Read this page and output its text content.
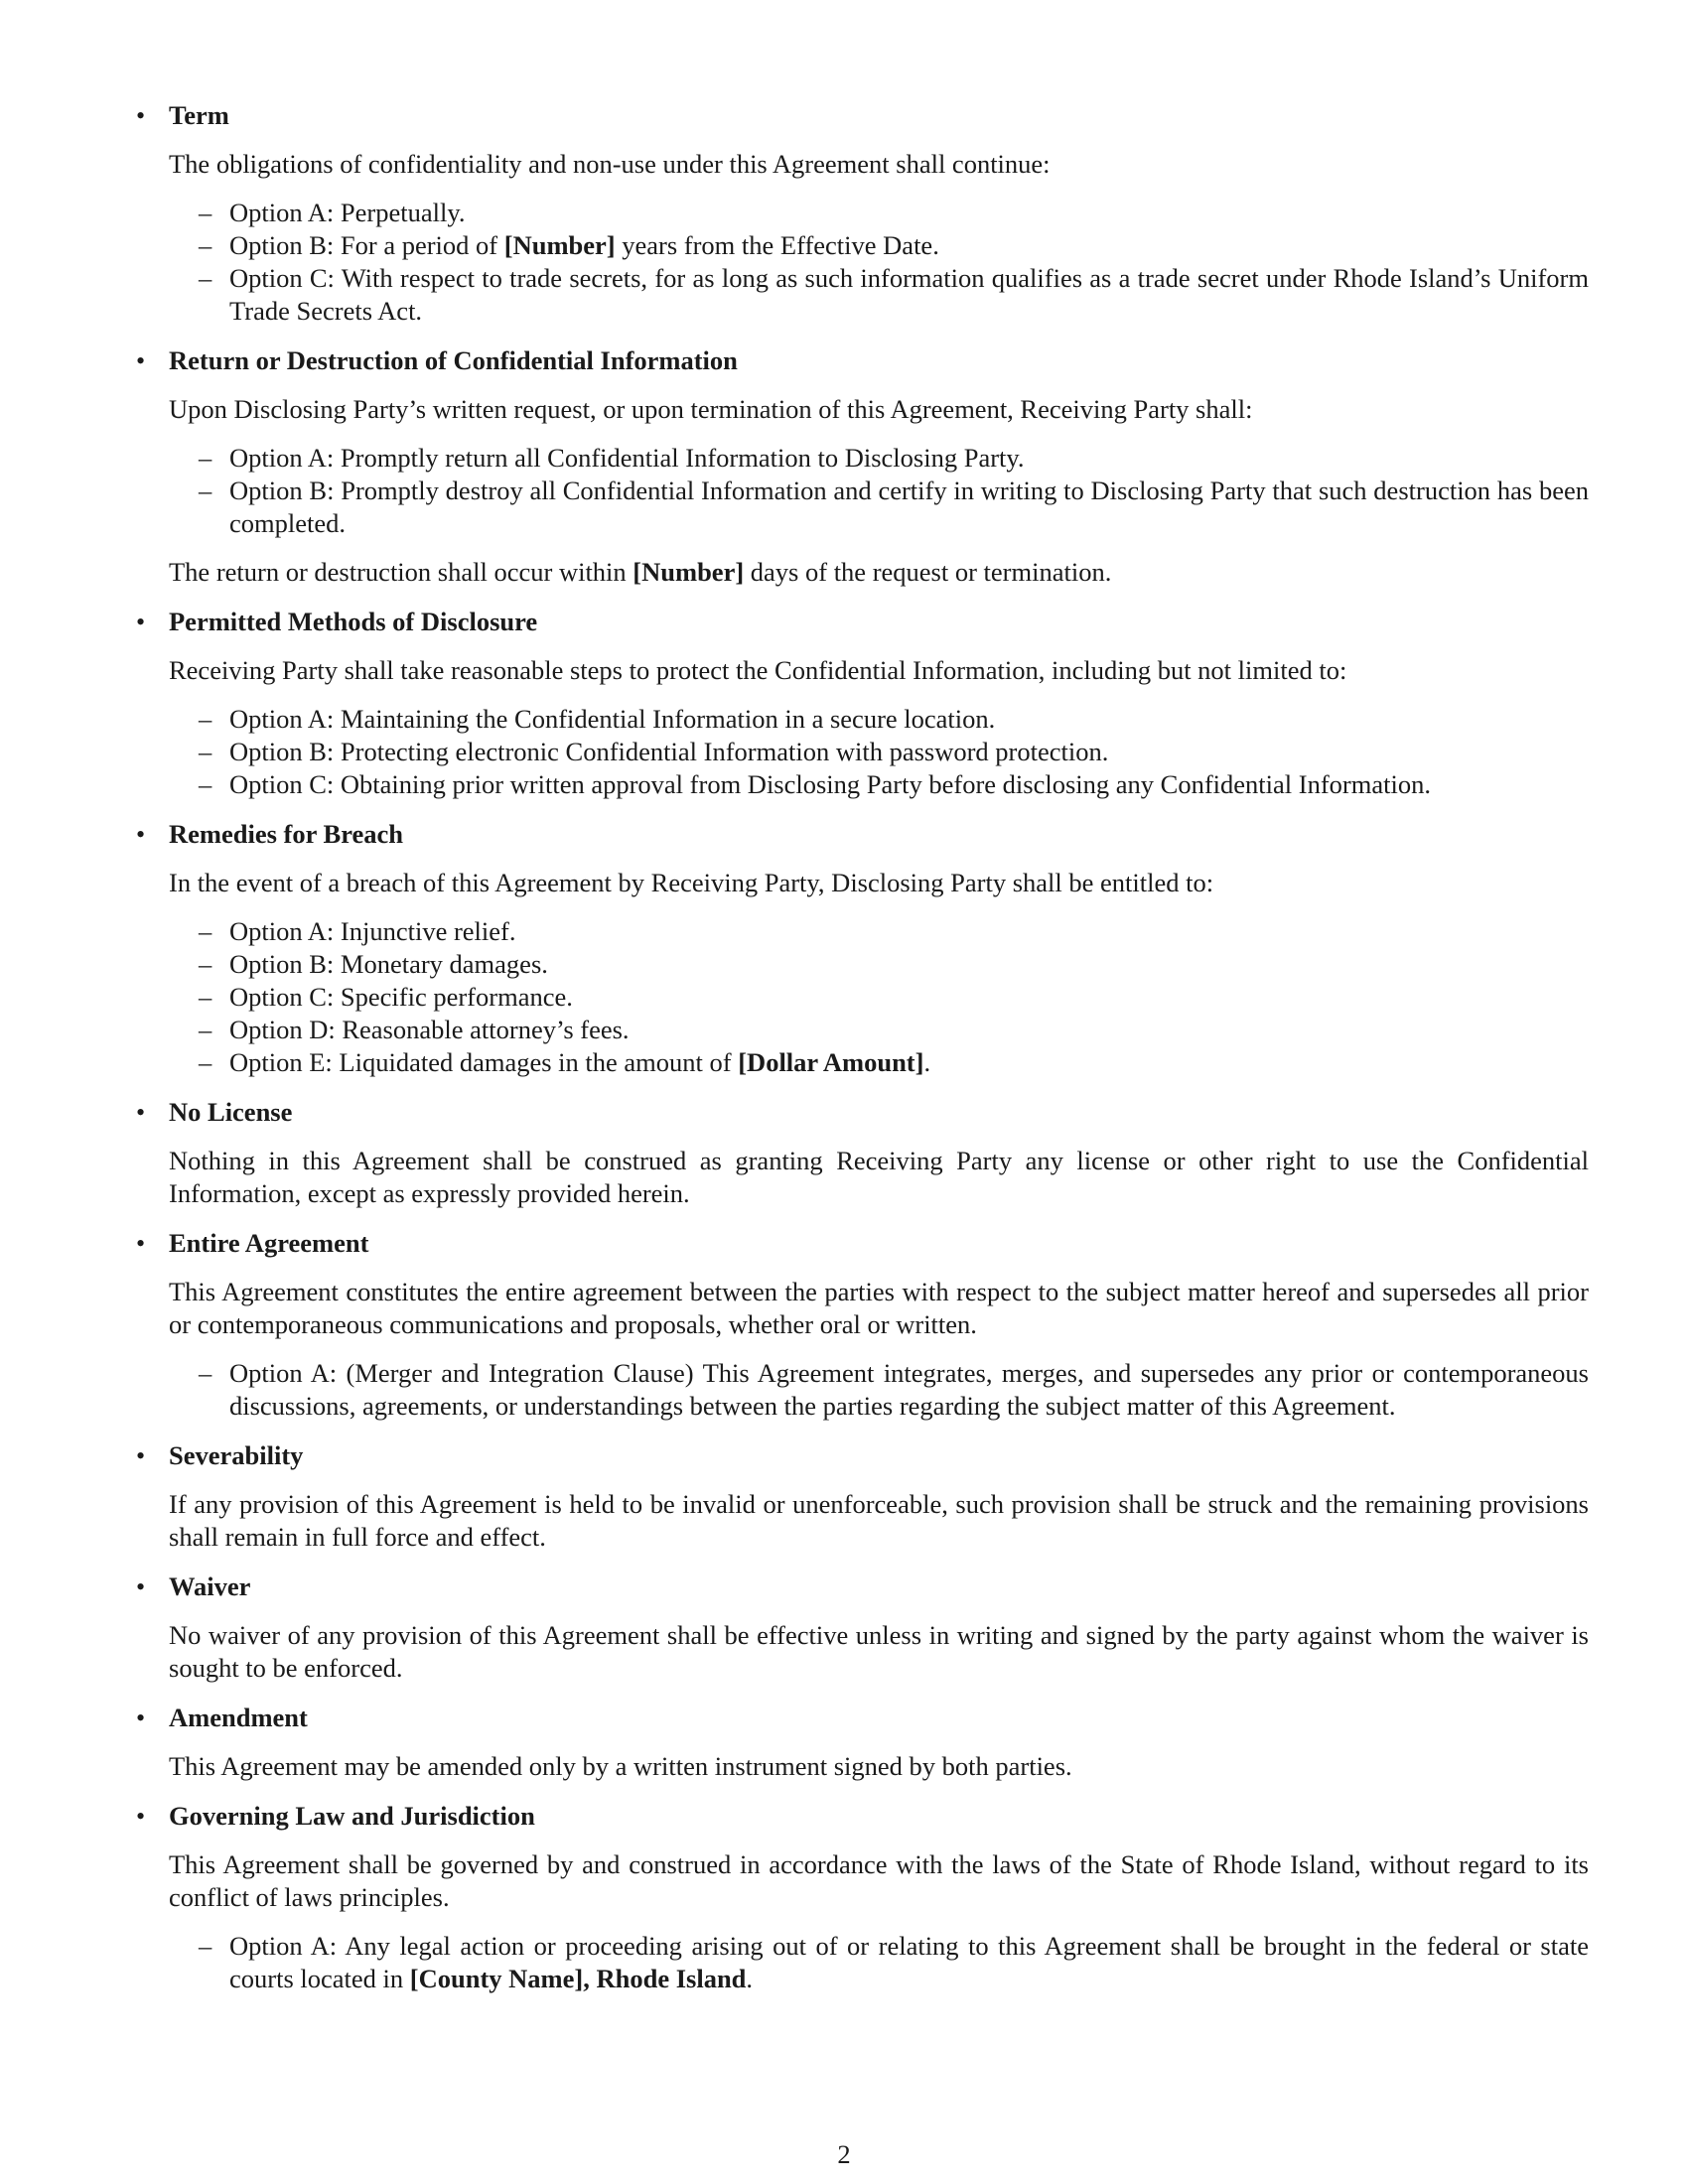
• Term

The obligations of confidentiality and non-use under this Agreement shall continue:

– Option A: Perpetually.
– Option B: For a period of [Number] years from the Effective Date.
– Option C: With respect to trade secrets, for as long as such information qualifies as a trade secret under Rhode Island’s Uniform Trade Secrets Act.
• Return or Destruction of Confidential Information

Upon Disclosing Party’s written request, or upon termination of this Agreement, Receiving Party shall:

– Option A: Promptly return all Confidential Information to Disclosing Party.
– Option B: Promptly destroy all Confidential Information and certify in writing to Disclosing Party that such destruction has been completed.

The return or destruction shall occur within [Number] days of the request or termination.

• Permitted Methods of Disclosure

Receiving Party shall take reasonable steps to protect the Confidential Information, including but not limited to:

– Option A: Maintaining the Confidential Information in a secure location.
– Option B: Protecting electronic Confidential Information with password protection.
– Option C: Obtaining prior written approval from Disclosing Party before disclosing any Confidential Information.
• Remedies for Breach

In the event of a breach of this Agreement by Receiving Party, Disclosing Party shall be entitled to:

– Option A: Injunctive relief.
– Option B: Monetary damages.
– Option C: Specific performance.
– Option D: Reasonable attorney’s fees.
– Option E: Liquidated damages in the amount of [Dollar Amount].
• No License

Nothing in this Agreement shall be construed as granting Receiving Party any license or other right to use the Confidential Information, except as expressly provided herein.

• Entire Agreement

This Agreement constitutes the entire agreement between the parties with respect to the subject matter hereof and supersedes all prior or contemporaneous communications and proposals, whether oral or written.

– Option A: (Merger and Integration Clause) This Agreement integrates, merges, and supersedes any prior or contemporaneous discussions, agreements, or understandings between the parties regarding the subject matter of this Agreement.
• Severability

If any provision of this Agreement is held to be invalid or unenforceable, such provision shall be struck and the remaining provisions shall remain in full force and effect.

• Waiver

No waiver of any provision of this Agreement shall be effective unless in writing and signed by the party against whom the waiver is sought to be enforced.

• Amendment

This Agreement may be amended only by a written instrument signed by both parties.

• Governing Law and Jurisdiction

This Agreement shall be governed by and construed in accordance with the laws of the State of Rhode Island, without regard to its conflict of laws principles.

– Option A: Any legal action or proceeding arising out of or relating to this Agreement shall be brought in the federal or state courts located in [County Name], Rhode Island.
2
